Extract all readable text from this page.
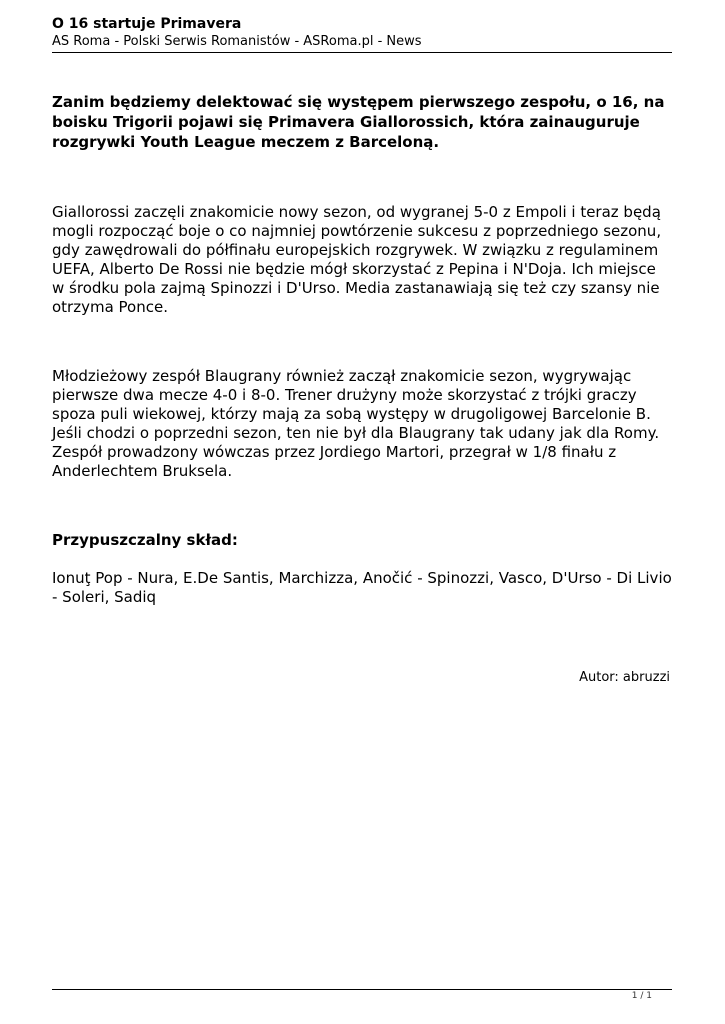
O 16 startuje Primavera

AS Roma - Polski Serwis Romanistów - ASRoma.pl - News

Zanim będziemy delektować się występem pierwszego zespołu, o 16, na boisku Trigorii pojawi się Primavera Giallorossich, która zainauguruje rozgrywki Youth League meczem z Barceloną.

Giallorossi zaczęli znakomicie nowy sezon, od wygranej 5-0 z Empoli i teraz będą mogli rozpocząć boje o co najmniej powtórzenie sukcesu z poprzedniego sezonu, gdy zawędrowali do półfinału europejskich rozgrywek. W związku z regulaminem UEFA, Alberto De Rossi nie będzie mógł skorzystać z Pepina i N'Doja. Ich miejsce w środku pola zajmą Spinozzi i D'Urso. Media zastanawiają się też czy szansy nie otrzyma Ponce.

Młodzieżowy zespół Blaugrany również zaczął znakomicie sezon, wygrywając pierwsze dwa mecze 4-0 i 8-0. Trener drużyny może skorzystać z trójki graczy spoza puli wiekowej, którzy mają za sobą występy w drugoligowej Barcelonie B. Jeśli chodzi o poprzedni sezon, ten nie był dla Blaugrany tak udany jak dla Romy. Zespół prowadzony wówczas przez Jordiego Martori, przegrał w 1/8 finału z Anderlechtem Bruksela.

Przypuszczalny skład:

Ionuţ Pop - Nura, E.De Santis, Marchizza, Anočić - Spinozzi, Vasco, D'Urso - Di Livio - Soleri, Sadiq

Autor: abruzzi

1 / 1
